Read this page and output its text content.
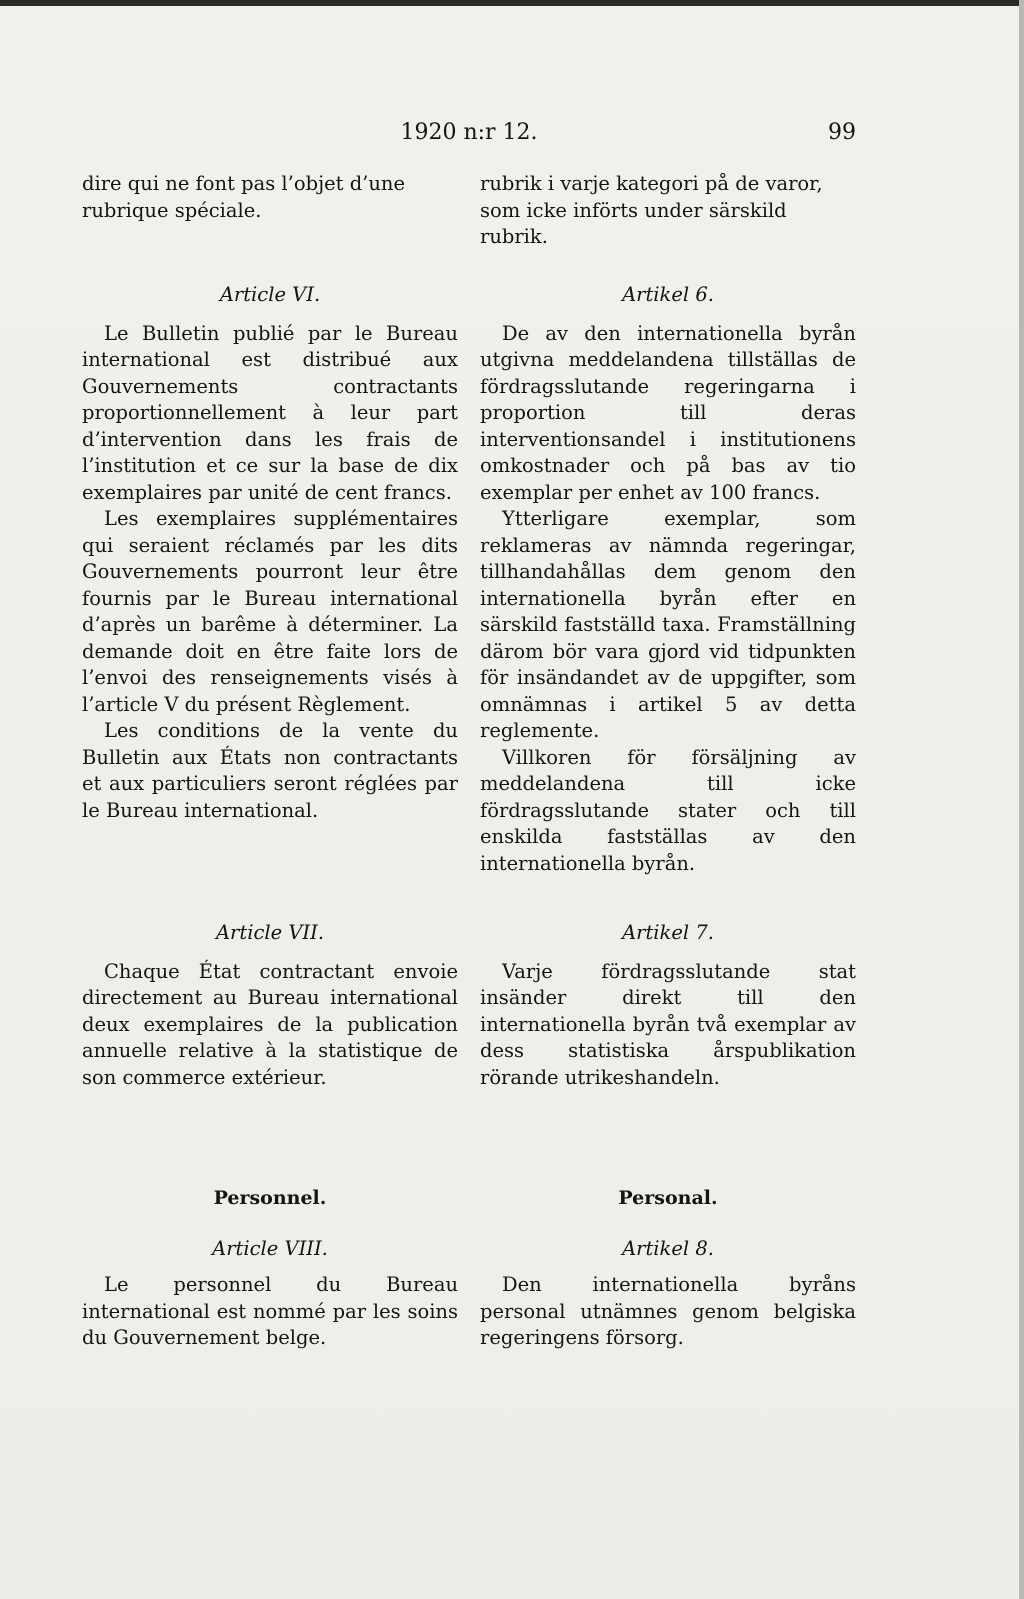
1920 n:r 12.	99

dire qui ne font pas l’objet d’une rubrique spéciale.

Article VI.

Le Bulletin publié par le Bureau international est distribué aux Gouvernements contractants proportionnellement à leur part d’intervention dans les frais de l’institution et ce sur la base de dix exemplaires par unité de cent francs.

Les exemplaires supplémentaires qui seraient réclamés par les dits Gouvernements pourront leur être fournis par le Bureau international d’après un barême à déterminer. La demande doit en être faite lors de l’envoi des renseignements visés à l’article V du présent Règlement.

Les conditions de la vente du Bulletin aux États non contractants et aux particuliers seront réglées par le Bureau international.

Article VII.

Chaque État contractant envoie directement au Bureau international deux exemplaires de la publication annuelle relative à la statistique de son commerce extérieur.

Personnel.

Article VIII.

Le personnel du Bureau international est nommé par les soins du Gouvernement belge.

rubrik i varje kategori på de varor, som icke införts under särskild rubrik.

Artikel 6.

De av den internationella byrån utgivna meddelandena tillställas de fördragsslutande regeringarna i proportion till deras interventionsandel i institutionens omkostnader och på bas av tio exemplar per enhet av 100 francs.

Ytterligare exemplar, som reklameras av nämnda regeringar, tillhandahållas dem genom den internationella byrån efter en särskild fastställd taxa. Framställning därom bör vara gjord vid tidpunkten för insändandet av de uppgifter, som omnämnas i artikel 5 av detta reglemente.

Villkoren för försäljning av meddelandena till icke fördragsslutande stater och till enskilda fastställas av den internationella byrån.

Artikel 7.

Varje fördragsslutande stat insänder direkt till den internationella byrån två exemplar av dess statistiska årspublikation rörande utrikeshandeln.

Personal.

Artikel 8.

Den internationella byråns personal utnämnes genom belgiska regeringens försorg.
